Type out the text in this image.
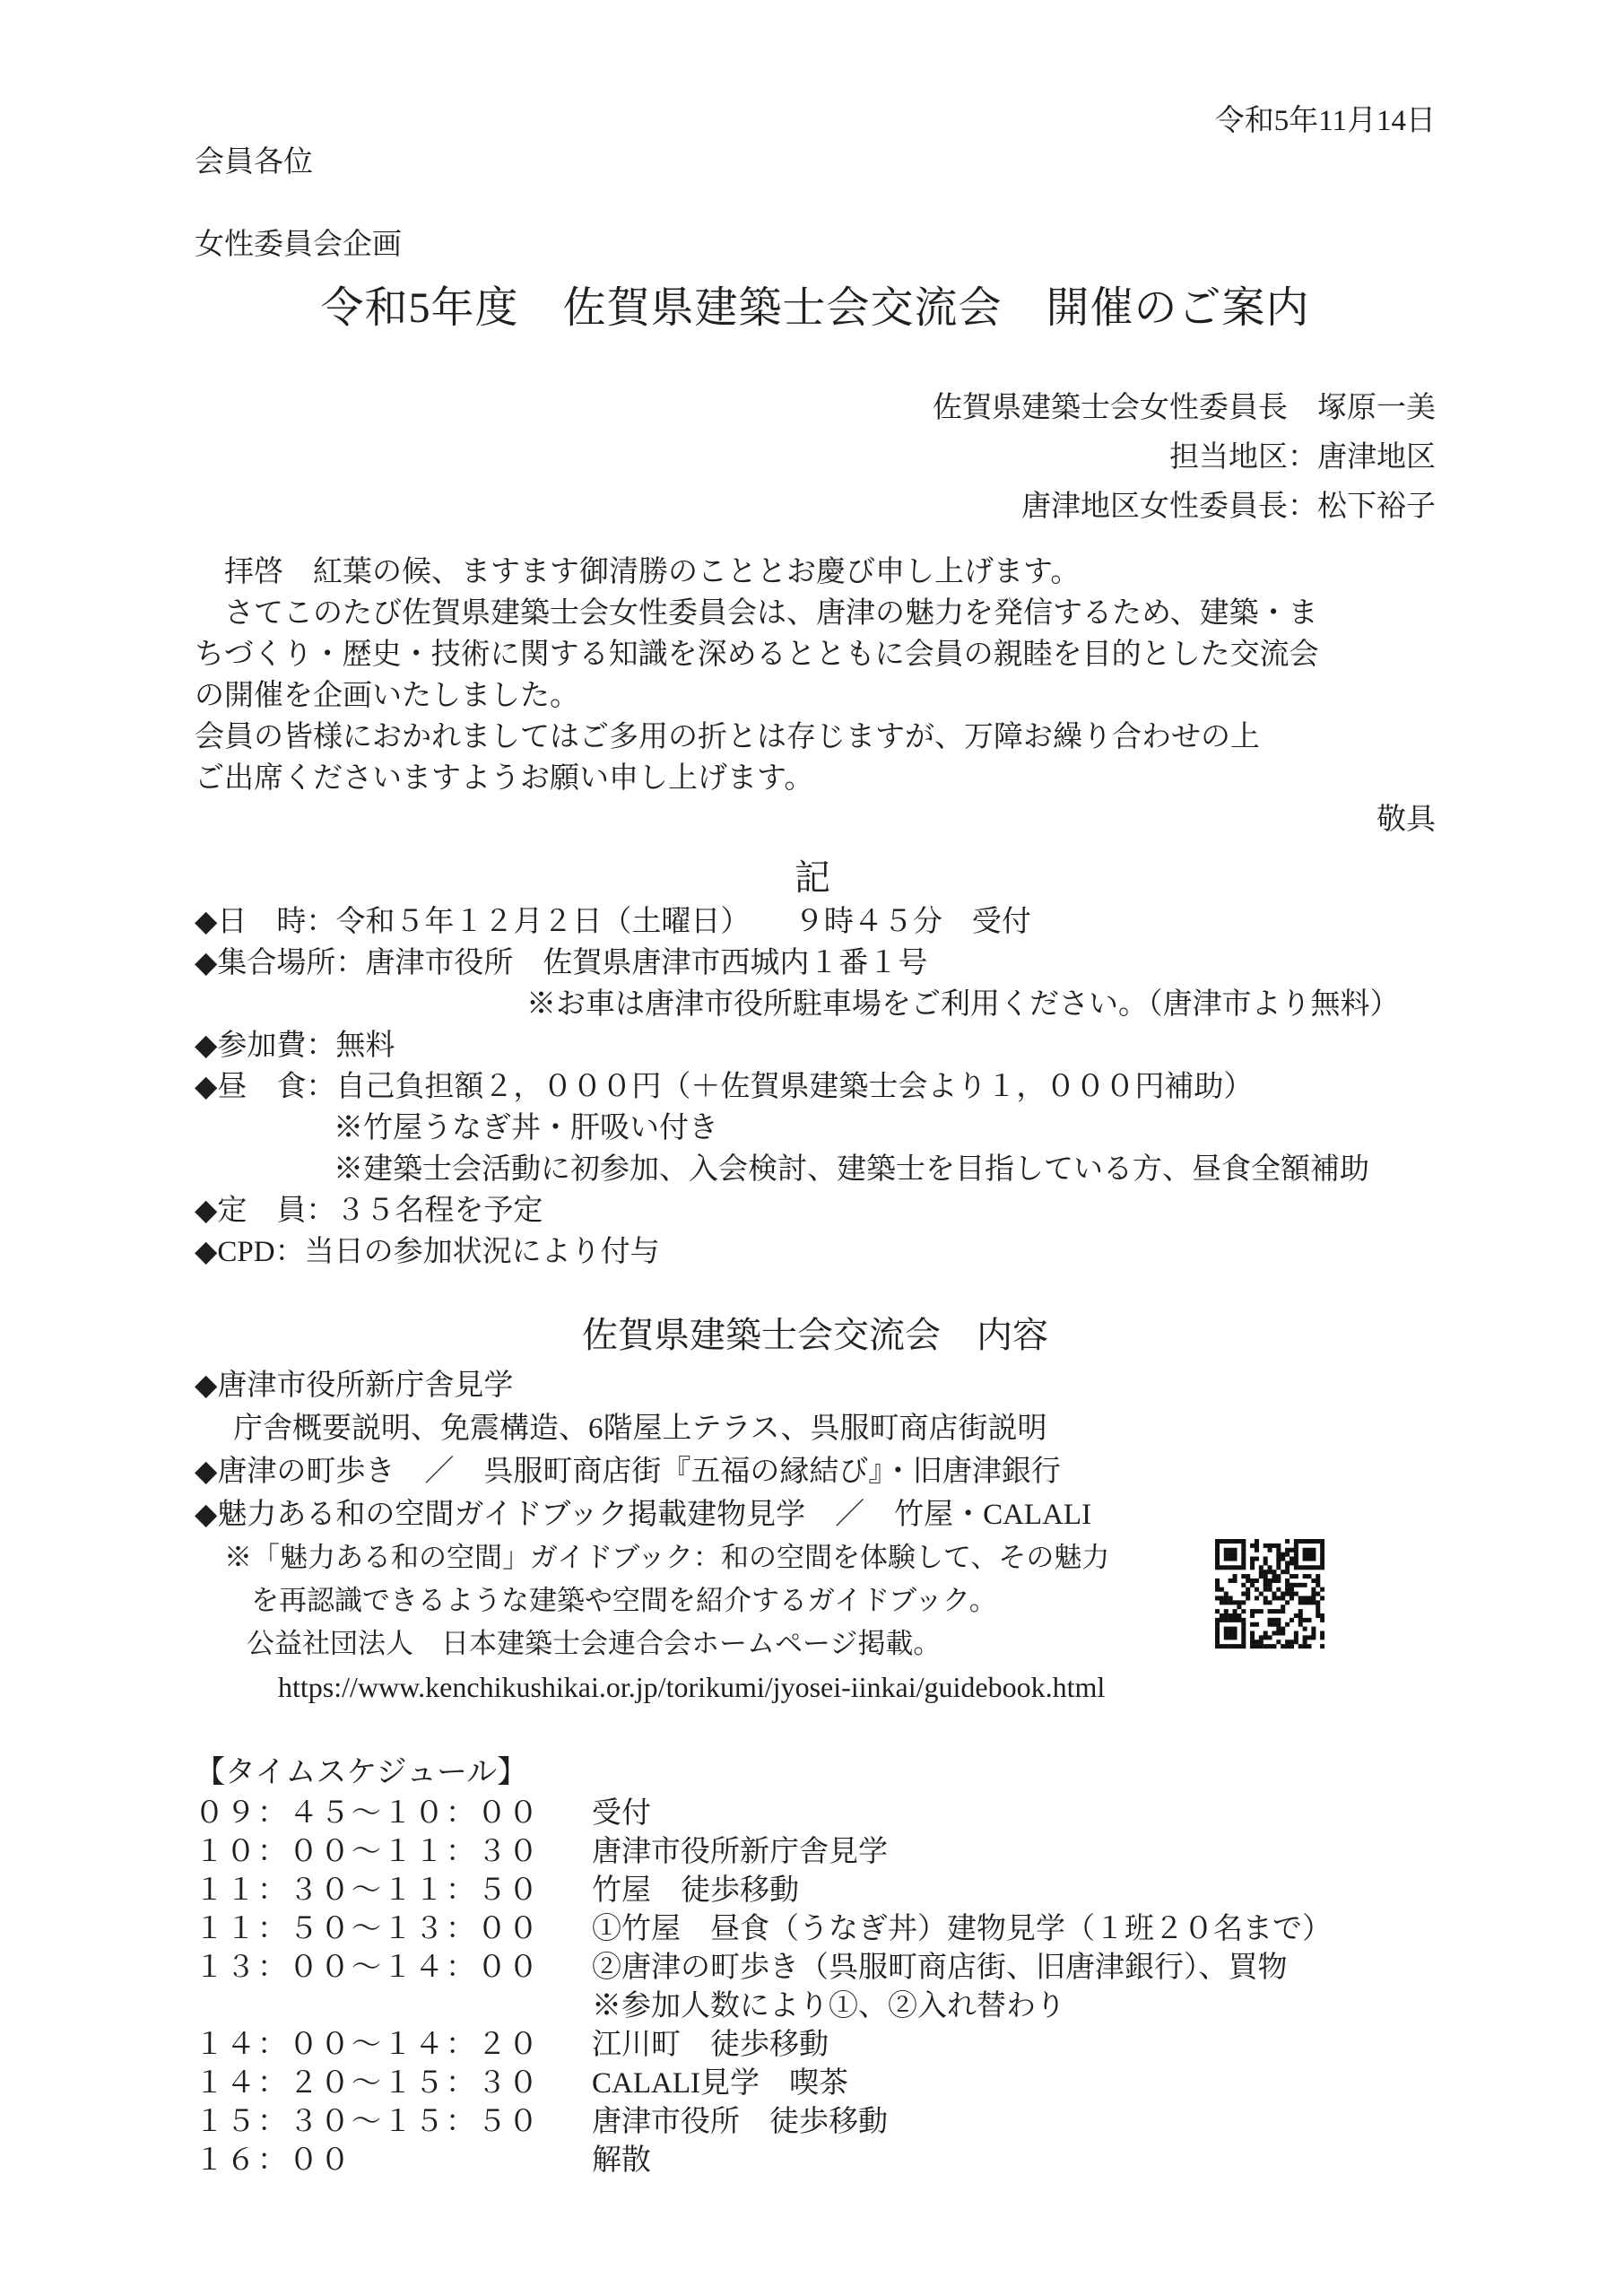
令和5年11月14日
会員各位
女性委員会企画
令和5年度　佐賀県建築士会交流会　開催のご案内
佐賀県建築士会女性委員長　塚原一美
担当地区：唐津地区
唐津地区女性委員長：松下裕子
　拝啓　紅葉の候、ますます御清勝のこととお慶び申し上げます。
　さてこのたび佐賀県建築士会女性委員会は、唐津の魅力を発信するため、建築・ま
ちづくり・歴史・技術に関する知識を深めるとともに会員の親睦を目的とした交流会
の開催を企画いたしました。
会員の皆様におかれましてはご多用の折とは存じますが、万障お繰り合わせの上
ご出席くださいますようお願い申し上げます。
敬具
記
◆日　時：令和５年１２月２日（土曜日）　　９時４５分　受付
◆集合場所：唐津市役所　佐賀県唐津市西城内１番１号
※お車は唐津市役所駐車場をご利用ください。（唐津市より無料）
◆参加費：無料
◆昼　食：自己負担額２，０００円（＋佐賀県建築士会より１，０００円補助）
※竹屋うなぎ丼・肝吸い付き
※建築士会活動に初参加、入会検討、建築士を目指している方、昼食全額補助
◆定　員：３５名程を予定
◆CPD：当日の参加状況により付与
佐賀県建築士会交流会　内容
◆唐津市役所新庁舎見学
庁舎概要説明、免震構造、6階屋上テラス、呉服町商店街説明
◆唐津の町歩き　／　呉服町商店街『五福の縁結び』・旧唐津銀行
◆魅力ある和の空間ガイドブック掲載建物見学　／　竹屋・CALALI
※「魅力ある和の空間」ガイドブック：和の空間を体験して、その魅力
を再認識できるような建築や空間を紹介するガイドブック。
公益社団法人　日本建築士会連合会ホームページ掲載。
https://www.kenchikushikai.or.jp/torikumi/jyosei-iinkai/guidebook.html
【タイムスケジュール】
０９：４５～１０：００	受付
１０：００～１１：３０	唐津市役所新庁舎見学
１１：３０～１１：５０	竹屋　徒歩移動
１１：５０～１３：００	①竹屋　昼食（うなぎ丼）建物見学（１班２０名まで）
１３：００～１４：００	②唐津の町歩き（呉服町商店街、旧唐津銀行）、買物
※参加人数により①、②入れ替わり
１４：００～１４：２０	江川町　徒歩移動
１４：２０～１５：３０	CALALI見学　喫茶
１５：３０～１５：５０	唐津市役所　徒歩移動
１６：００	解散
